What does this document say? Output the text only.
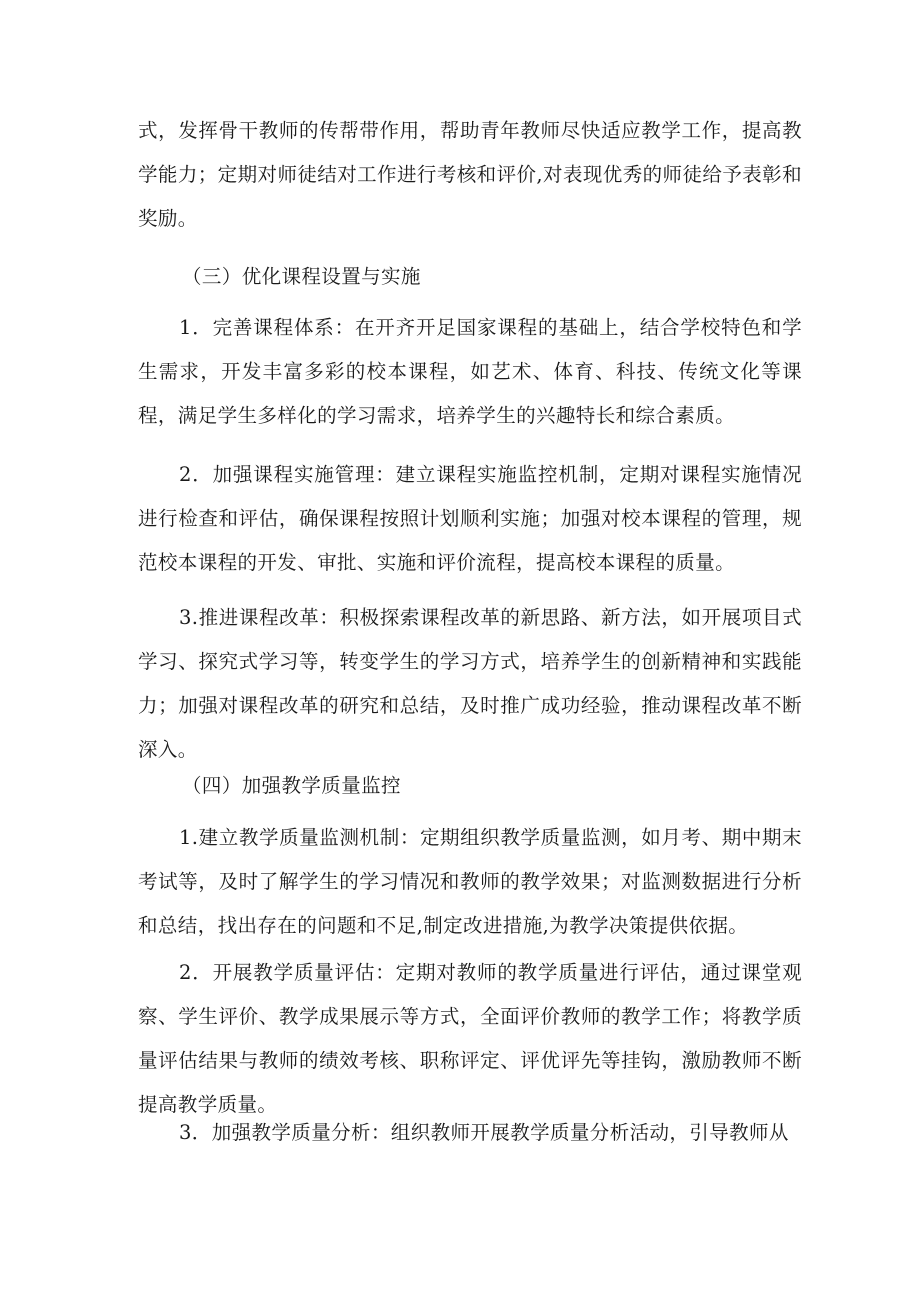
式，发挥骨干教师的传帮带作用，帮助青年教师尽快适应教学工作，提高教学能力；定期对师徒结对工作进行考核和评价,对表现优秀的师徒给予表彰和奖励。

（三）优化课程设置与实施

1．完善课程体系：在开齐开足国家课程的基础上，结合学校特色和学生需求，开发丰富多彩的校本课程，如艺术、体育、科技、传统文化等课程，满足学生多样化的学习需求，培养学生的兴趣特长和综合素质。

2．加强课程实施管理：建立课程实施监控机制，定期对课程实施情况进行检查和评估，确保课程按照计划顺利实施；加强对校本课程的管理，规范校本课程的开发、审批、实施和评价流程，提高校本课程的质量。

3.推进课程改革：积极探索课程改革的新思路、新方法，如开展项目式学习、探究式学习等，转变学生的学习方式，培养学生的创新精神和实践能力；加强对课程改革的研究和总结，及时推广成功经验，推动课程改革不断深入。

（四）加强教学质量监控

1.建立教学质量监测机制：定期组织教学质量监测，如月考、期中期末考试等，及时了解学生的学习情况和教师的教学效果；对监测数据进行分析和总结，找出存在的问题和不足,制定改进措施,为教学决策提供依据。

2．开展教学质量评估：定期对教师的教学质量进行评估，通过课堂观察、学生评价、教学成果展示等方式，全面评价教师的教学工作；将教学质量评估结果与教师的绩效考核、职称评定、评优评先等挂钩，激励教师不断提高教学质量。

3．加强教学质量分析：组织教师开展教学质量分析活动，引导教师从
